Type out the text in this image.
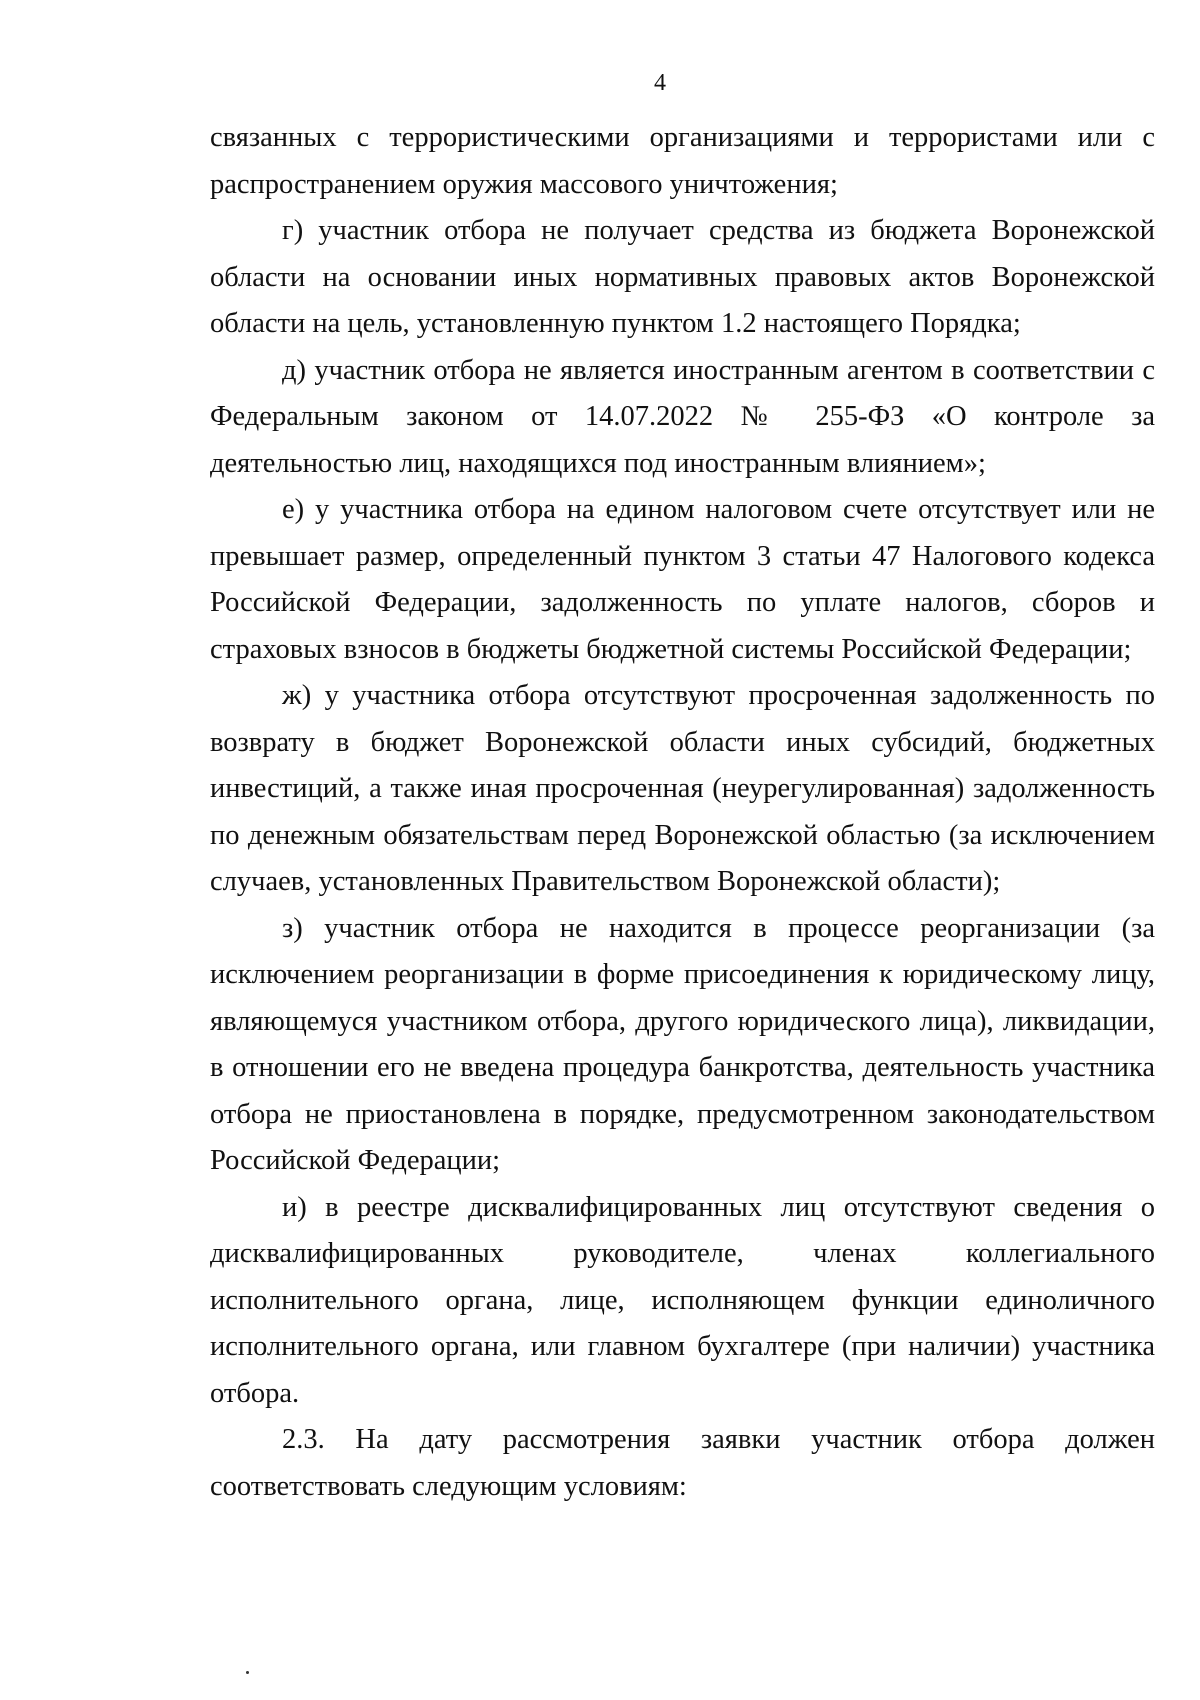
4

связанных с террористическими организациями и террористами или с распространением оружия массового уничтожения;

г) участник отбора не получает средства из бюджета Воронежской области на основании иных нормативных правовых актов Воронежской области на цель, установленную пунктом 1.2 настоящего Порядка;

д) участник отбора не является иностранным агентом в соответствии с Федеральным законом от 14.07.2022 № 255-ФЗ «О контроле за деятельностью лиц, находящихся под иностранным влиянием»;

е) у участника отбора на едином налоговом счете отсутствует или не превышает размер, определенный пунктом 3 статьи 47 Налогового кодекса Российской Федерации, задолженность по уплате налогов, сборов и страховых взносов в бюджеты бюджетной системы Российской Федерации;

ж) у участника отбора отсутствуют просроченная задолженность по возврату в бюджет Воронежской области иных субсидий, бюджетных инвестиций, а также иная просроченная (неурегулированная) задолженность по денежным обязательствам перед Воронежской областью (за исключением случаев, установленных Правительством Воронежской области);

з) участник отбора не находится в процессе реорганизации (за исключением реорганизации в форме присоединения к юридическому лицу, являющемуся участником отбора, другого юридического лица), ликвидации, в отношении его не введена процедура банкротства, деятельность участника отбора не приостановлена в порядке, предусмотренном законодательством Российской Федерации;

и) в реестре дисквалифицированных лиц отсутствуют сведения о дисквалифицированных руководителе, членах коллегиального исполнительного органа, лице, исполняющем функции единоличного исполнительного органа, или главном бухгалтере (при наличии) участника отбора.

2.3. На дату рассмотрения заявки участник отбора должен соответствовать следующим условиям:
